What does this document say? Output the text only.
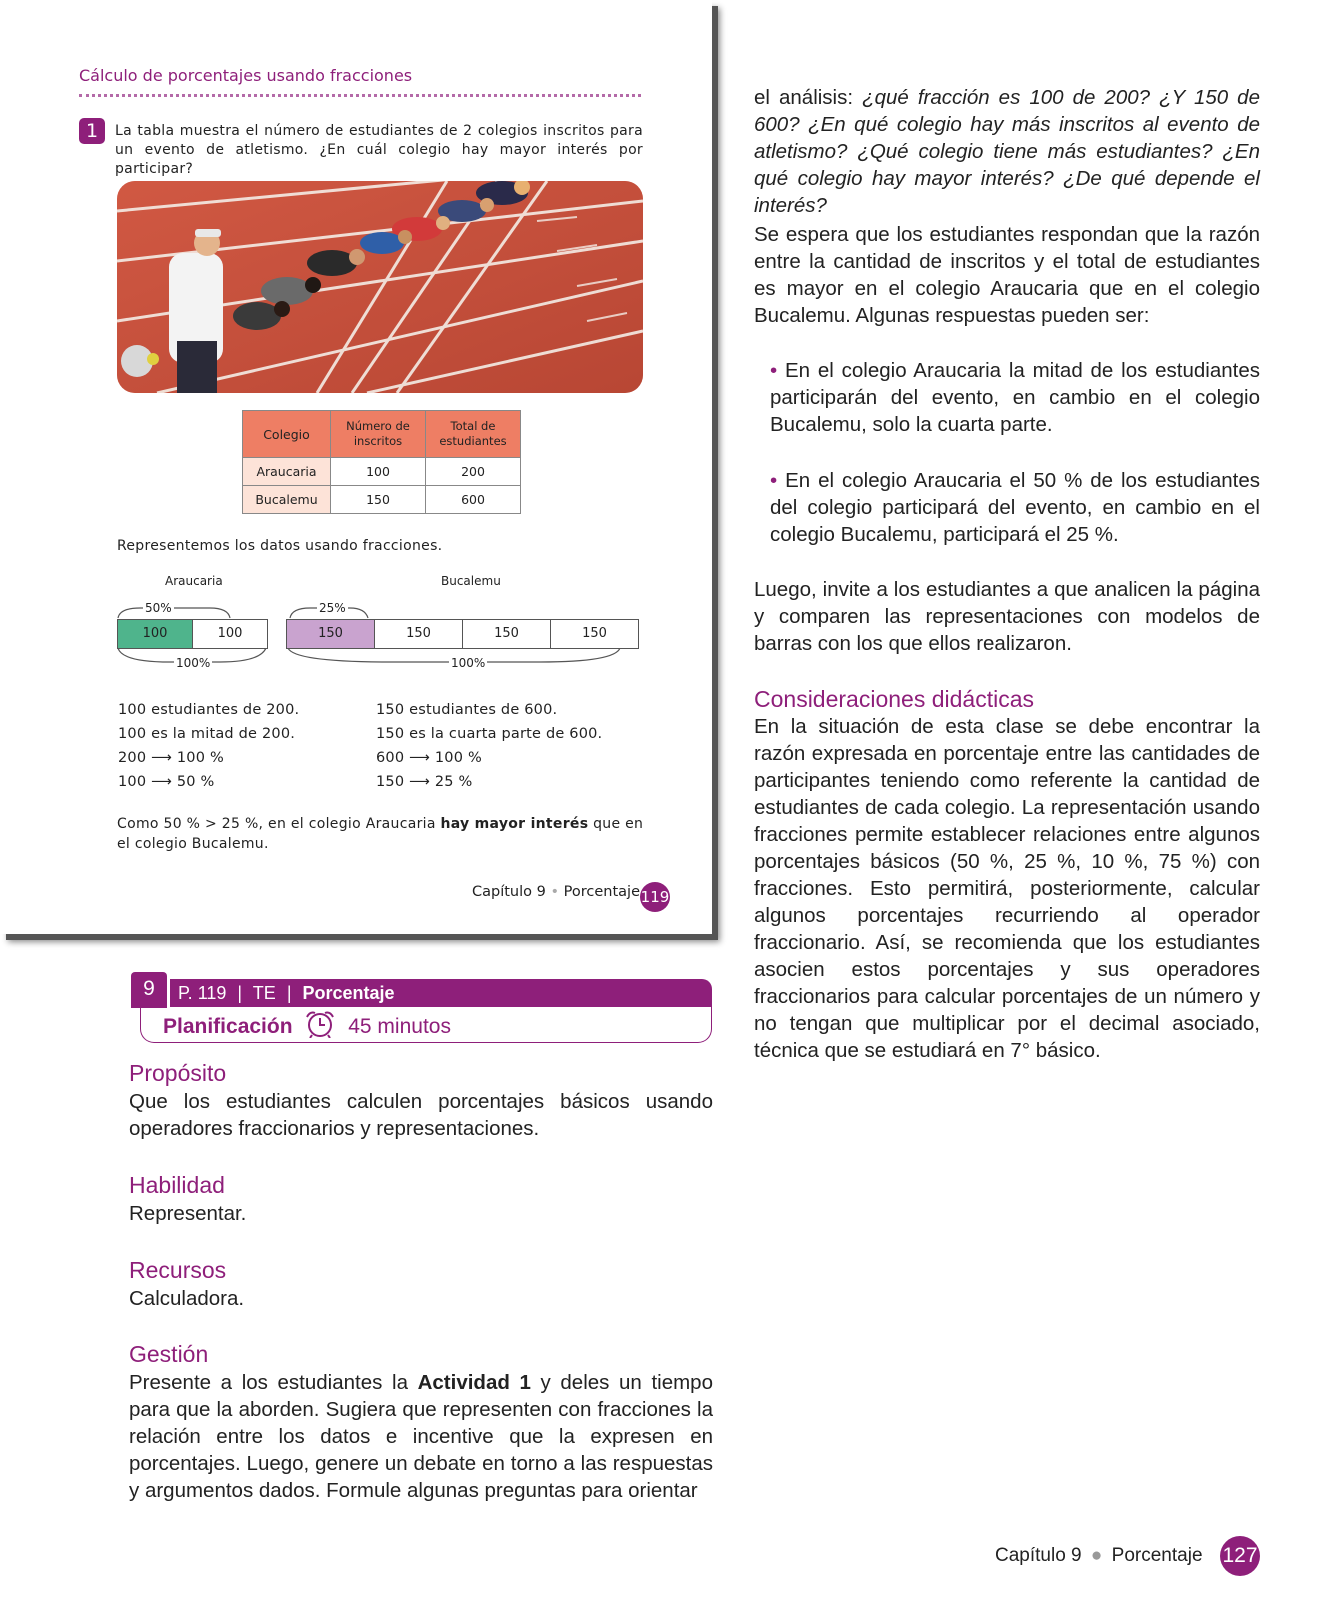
Cálculo de porcentajes usando fracciones
1	La tabla muestra el número de estudiantes de 2 colegios inscritos para un evento de atletismo. ¿En cuál colegio hay mayor interés por participar?
Colegio	Número de inscritos	Total de estudiantes
Araucaria	100	200
Bucalemu	150	600
Representemos los datos usando fracciones.
Araucaria	Bucalemu
50%	25%
100	100	150	150	150	150
100%	100%
100 estudiantes de 200.
100 es la mitad de 200.
200 ⟶ 100 %
100 ⟶ 50 %
150 estudiantes de 600.
150 es la cuarta parte de 600.
600 ⟶ 100 %
150 ⟶ 25 %
Como 50 % > 25 %, en el colegio Araucaria hay mayor interés que en el colegio Bucalemu.
Capítulo 9 • Porcentaje 119
9	P. 119 | TE | Porcentaje
Planificación	45 minutos
Propósito
Que los estudiantes calculen porcentajes básicos usando operadores fraccionarios y representaciones.
Habilidad
Representar.
Recursos
Calculadora.
Gestión
Presente a los estudiantes la Actividad 1 y deles un tiempo para que la aborden. Sugiera que representen con fracciones la relación entre los datos e incentive que la expresen en porcentajes. Luego, genere un debate en torno a las respuestas y argumentos dados. Formule algunas preguntas para orientar
el análisis: ¿qué fracción es 100 de 200? ¿Y 150 de 600? ¿En qué colegio hay más inscritos al evento de atletismo? ¿Qué colegio tiene más estudiantes? ¿En qué colegio hay mayor interés? ¿De qué depende el interés?
Se espera que los estudiantes respondan que la razón entre la cantidad de inscritos y el total de estudiantes es mayor en el colegio Araucaria que en el colegio Bucalemu. Algunas respuestas pueden ser:
• En el colegio Araucaria la mitad de los estudiantes participarán del evento, en cambio en el colegio Bucalemu, solo la cuarta parte.
• En el colegio Araucaria el 50 % de los estudiantes del colegio participará del evento, en cambio en el colegio Bucalemu, participará el 25 %.
Luego, invite a los estudiantes a que analicen la página y comparen las representaciones con modelos de barras con los que ellos realizaron.
Consideraciones didácticas
En la situación de esta clase se debe encontrar la razón expresada en porcentaje entre las cantidades de participantes teniendo como referente la cantidad de estudiantes de cada colegio. La representación usando fracciones permite establecer relaciones entre algunos porcentajes básicos (50 %, 25 %, 10 %, 75 %) con fracciones. Esto permitirá, posteriormente, calcular algunos porcentajes recurriendo al operador fraccionario. Así, se recomienda que los estudiantes asocien estos porcentajes y sus operadores fraccionarios para calcular porcentajes de un número y no tengan que multiplicar por el decimal asociado, técnica que se estudiará en 7° básico.
Capítulo 9 ● Porcentaje 127
